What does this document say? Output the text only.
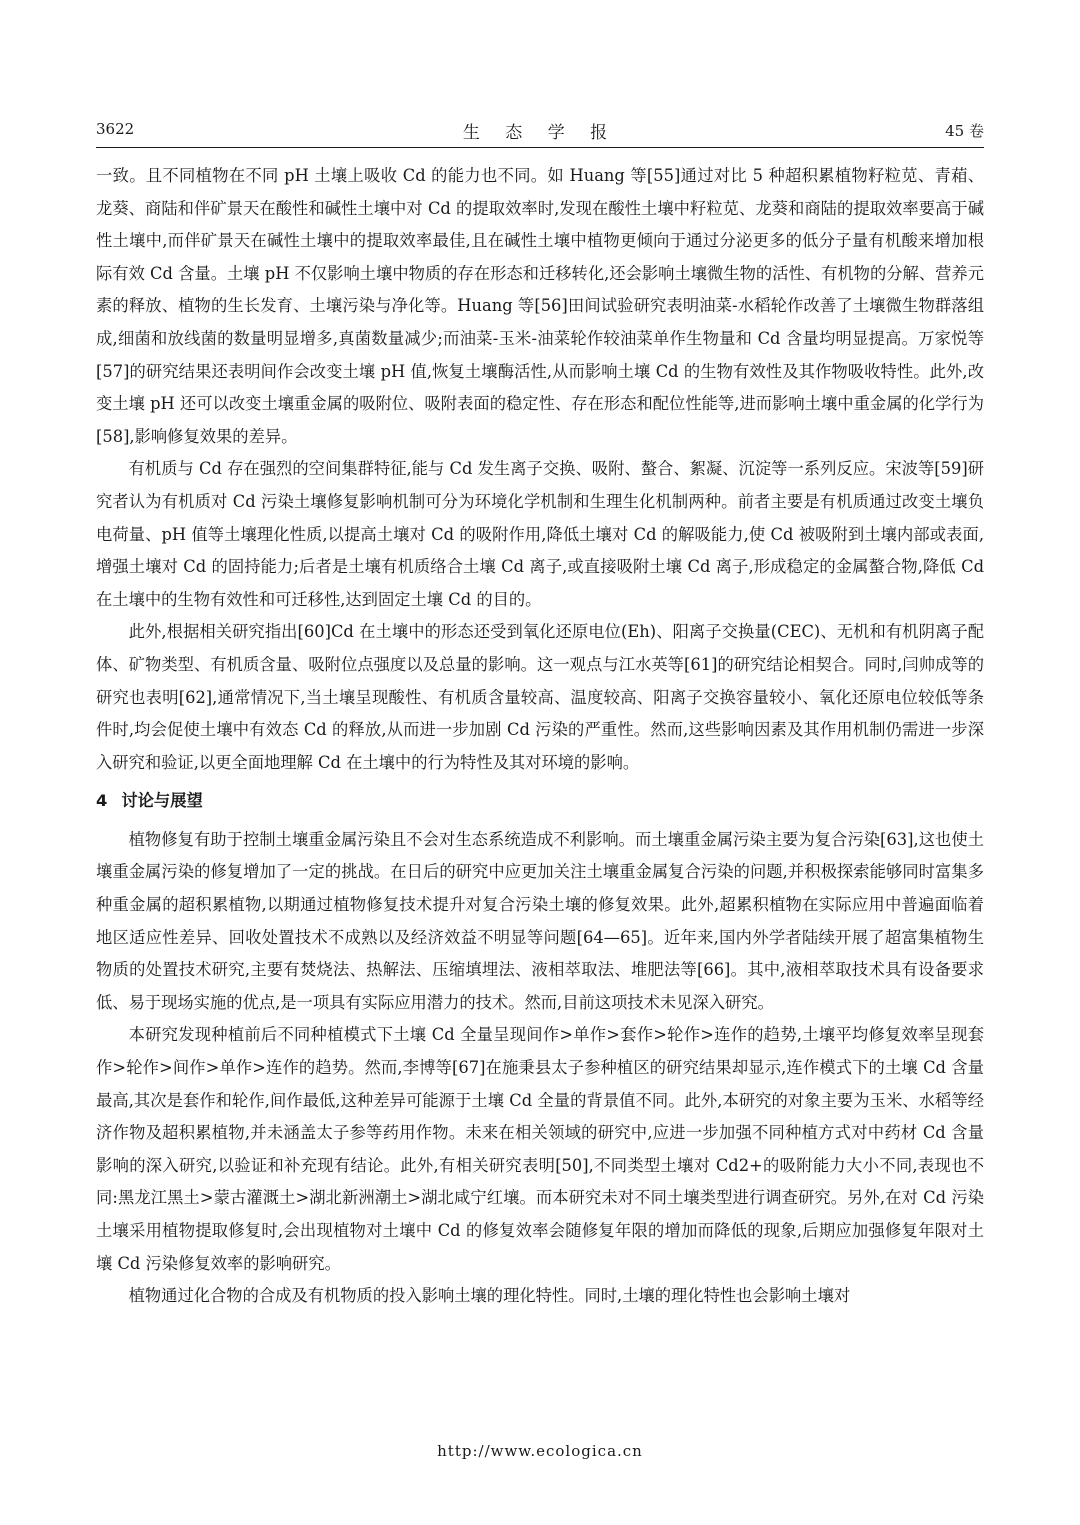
3622	生 态 学 报	45 卷

一致。且不同植物在不同 pH 土壤上吸收 Cd 的能力也不同。如 Huang 等[55]通过对比 5 种超积累植物籽粒苋、青葙、龙葵、商陆和伴矿景天在酸性和碱性土壤中对 Cd 的提取效率时,发现在酸性土壤中籽粒苋、龙葵和商陆的提取效率要高于碱性土壤中,而伴矿景天在碱性土壤中的提取效率最佳,且在碱性土壤中植物更倾向于通过分泌更多的低分子量有机酸来增加根际有效 Cd 含量。土壤 pH 不仅影响土壤中物质的存在形态和迁移转化,还会影响土壤微生物的活性、有机物的分解、营养元素的释放、植物的生长发育、土壤污染与净化等。Huang 等[56]田间试验研究表明油菜-水稻轮作改善了土壤微生物群落组成,细菌和放线菌的数量明显增多,真菌数量减少;而油菜-玉米-油菜轮作较油菜单作生物量和 Cd 含量均明显提高。万家悦等[57]的研究结果还表明间作会改变土壤 pH 值,恢复土壤酶活性,从而影响土壤 Cd 的生物有效性及其作物吸收特性。此外,改变土壤 pH 还可以改变土壤重金属的吸附位、吸附表面的稳定性、存在形态和配位性能等,进而影响土壤中重金属的化学行为[58],影响修复效果的差异。

有机质与 Cd 存在强烈的空间集群特征,能与 Cd 发生离子交换、吸附、螯合、絮凝、沉淀等一系列反应。宋波等[59]研究者认为有机质对 Cd 污染土壤修复影响机制可分为环境化学机制和生理生化机制两种。前者主要是有机质通过改变土壤负电荷量、pH 值等土壤理化性质,以提高土壤对 Cd 的吸附作用,降低土壤对 Cd 的解吸能力,使 Cd 被吸附到土壤内部或表面,增强土壤对 Cd 的固持能力;后者是土壤有机质络合土壤 Cd 离子,或直接吸附土壤 Cd 离子,形成稳定的金属螯合物,降低 Cd 在土壤中的生物有效性和可迁移性,达到固定土壤 Cd 的目的。

此外,根据相关研究指出[60]Cd 在土壤中的形态还受到氧化还原电位(Eh)、阳离子交换量(CEC)、无机和有机阴离子配体、矿物类型、有机质含量、吸附位点强度以及总量的影响。这一观点与江水英等[61]的研究结论相契合。同时,闫帅成等的研究也表明[62],通常情况下,当土壤呈现酸性、有机质含量较高、温度较高、阳离子交换容量较小、氧化还原电位较低等条件时,均会促使土壤中有效态 Cd 的释放,从而进一步加剧 Cd 污染的严重性。然而,这些影响因素及其作用机制仍需进一步深入研究和验证,以更全面地理解 Cd 在土壤中的行为特性及其对环境的影响。

4 讨论与展望

植物修复有助于控制土壤重金属污染且不会对生态系统造成不利影响。而土壤重金属污染主要为复合污染[63],这也使土壤重金属污染的修复增加了一定的挑战。在日后的研究中应更加关注土壤重金属复合污染的问题,并积极探索能够同时富集多种重金属的超积累植物,以期通过植物修复技术提升对复合污染土壤的修复效果。此外,超累积植物在实际应用中普遍面临着地区适应性差异、回收处置技术不成熟以及经济效益不明显等问题[64—65]。近年来,国内外学者陆续开展了超富集植物生物质的处置技术研究,主要有焚烧法、热解法、压缩填埋法、液相萃取法、堆肥法等[66]。其中,液相萃取技术具有设备要求低、易于现场实施的优点,是一项具有实际应用潜力的技术。然而,目前这项技术未见深入研究。

本研究发现种植前后不同种植模式下土壤 Cd 全量呈现间作>单作>套作>轮作>连作的趋势,土壤平均修复效率呈现套作>轮作>间作>单作>连作的趋势。然而,李博等[67]在施秉县太子参种植区的研究结果却显示,连作模式下的土壤 Cd 含量最高,其次是套作和轮作,间作最低,这种差异可能源于土壤 Cd 全量的背景值不同。此外,本研究的对象主要为玉米、水稻等经济作物及超积累植物,并未涵盖太子参等药用作物。未来在相关领域的研究中,应进一步加强不同种植方式对中药材 Cd 含量影响的深入研究,以验证和补充现有结论。此外,有相关研究表明[50],不同类型土壤对 Cd2+的吸附能力大小不同,表现也不同:黑龙江黑土>蒙古灌溉土>湖北新洲潮土>湖北咸宁红壤。而本研究未对不同土壤类型进行调查研究。另外,在对 Cd 污染土壤采用植物提取修复时,会出现植物对土壤中 Cd 的修复效率会随修复年限的增加而降低的现象,后期应加强修复年限对土壤 Cd 污染修复效率的影响研究。

植物通过化合物的合成及有机物质的投入影响土壤的理化特性。同时,土壤的理化特性也会影响土壤对

http://www.ecologica.cn
